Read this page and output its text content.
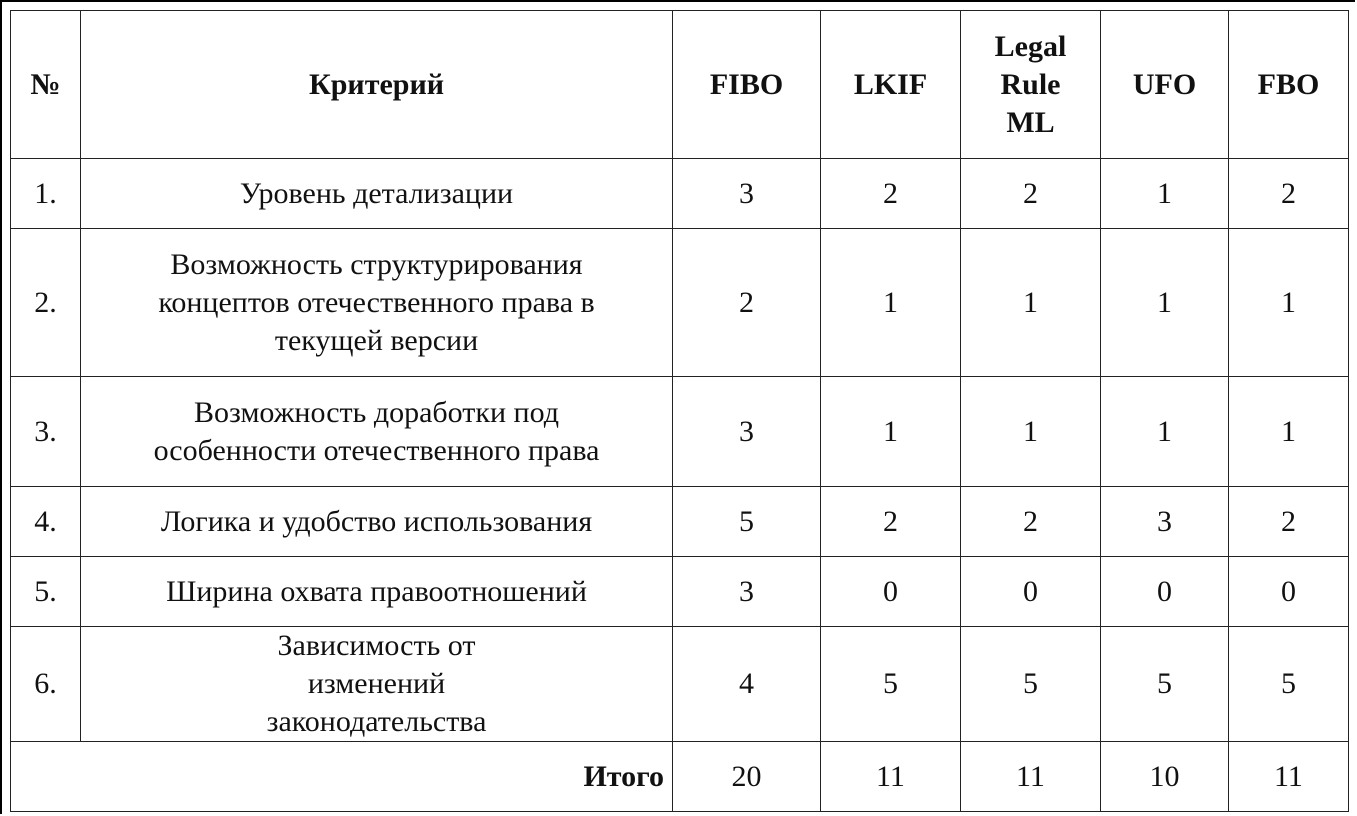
№	Критерий	FIBO	LKIF	Legal Rule ML	UFO	FBO
1.	Уровень детализации	3	2	2	1	2
2.	Возможность структурирования концептов отечественного права в текущей версии	2	1	1	1	1
3.	Возможность доработки под особенности отечественного права	3	1	1	1	1
4.	Логика и удобство использования	5	2	2	3	2
5.	Ширина охвата правоотношений	3	0	0	0	0
6.	Зависимость от изменений законодательства	4	5	5	5	5
Итого		20	11	11	10	11
